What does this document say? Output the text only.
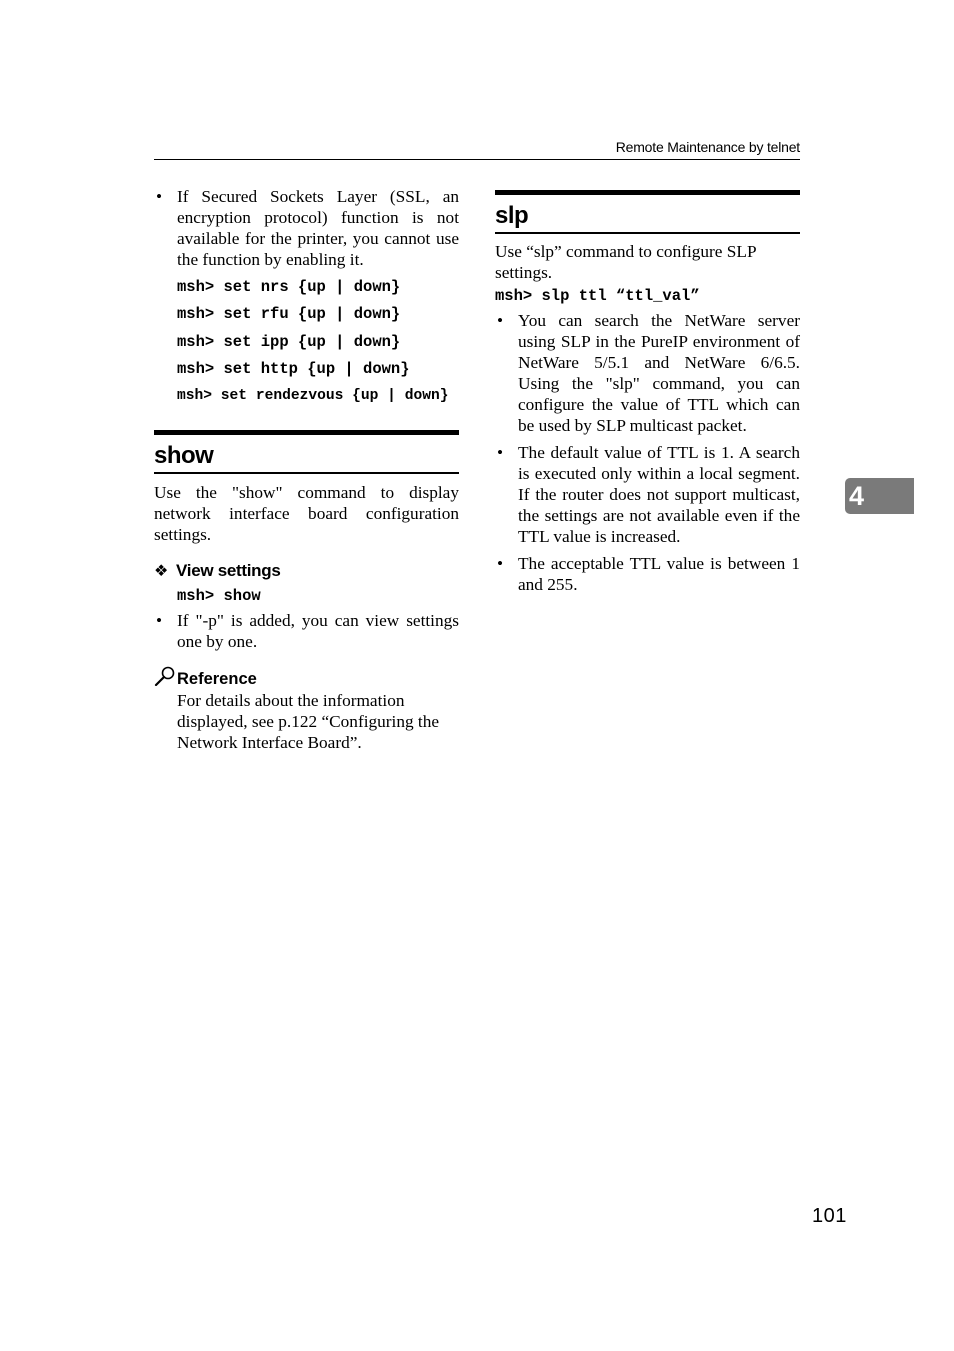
Remote Maintenance by telnet
• If Secured Sockets Layer (SSL, an encryption protocol) function is not available for the printer, you cannot use the function by enabling it.
msh> set nrs {up | down}
msh> set rfu {up | down}
msh> set ipp {up | down}
msh> set http {up | down}
msh> set rendezvous {up | down}
show

Use the "show" command to display network interface board configuration settings.

❖ View settings
msh> show
• If "-p" is added, you can view settings one by one.
Reference

For details about the information displayed, see p.122 “Configuring the Network Interface Board”.

slp

Use “slp” command to configure SLP settings.

msh> slp ttl “ttl_val”
• You can search the NetWare server using SLP in the PureIP environment of NetWare 5/5.1 and NetWare 6/6.5. Using the "slp" command, you can configure the value of TTL which can be used by SLP multicast packet.
• The default value of TTL is 1. A search is executed only within a local segment. If the router does not support multicast, the settings are not available even if the TTL value is increased.
• The acceptable TTL value is between 1 and 255.
4
101
